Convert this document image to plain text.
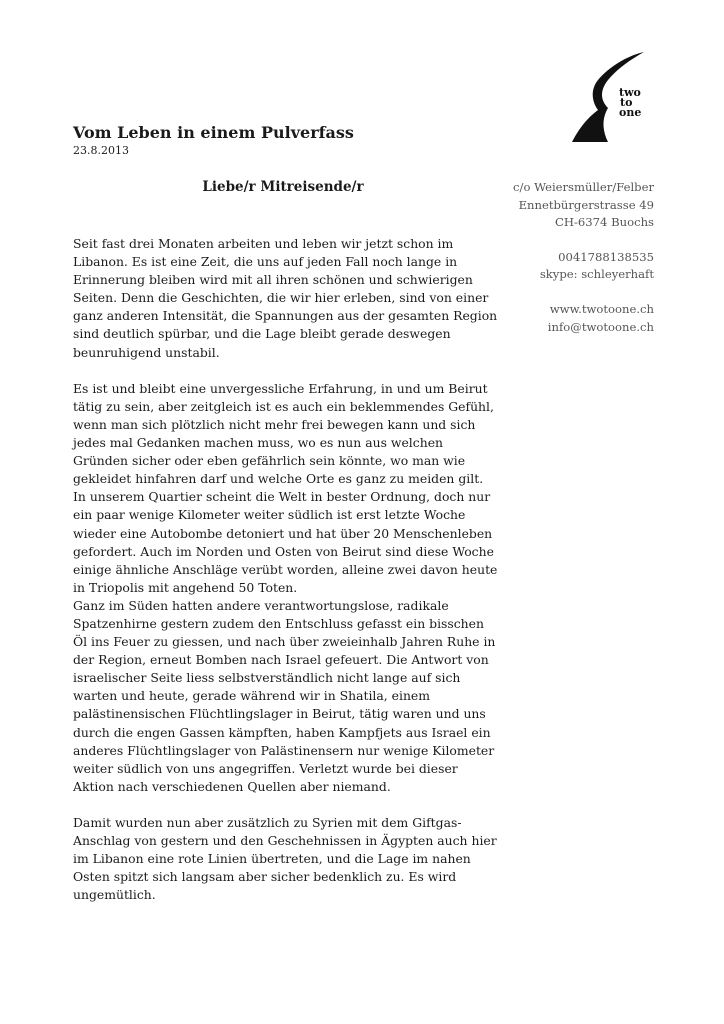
two
to
one
Vom Leben in einem Pulverfass
23.8.2013
Liebe/r Mitreisende/r	c/o Weiersmüller/Felber
Ennetbürgerstrasse 49
CH-6374 Buochs
0041788138535
skype: schleyerhaft
www.twotoone.ch
info@twotoone.ch

Seit fast drei Monaten arbeiten und leben wir jetzt schon im Libanon. Es ist eine Zeit, die uns auf jeden Fall noch lange in Erinnerung bleiben wird mit all ihren schönen und schwierigen Seiten. Denn die Geschichten, die wir hier erleben, sind von einer ganz anderen Intensität, die Spannungen aus der gesamten Region sind deutlich spürbar, und die Lage bleibt gerade deswegen beunruhigend unstabil.

Es ist und bleibt eine unvergessliche Erfahrung, in und um Beirut tätig zu sein, aber zeitgleich ist es auch ein beklemmendes Gefühl, wenn man sich plötzlich nicht mehr frei bewegen kann und sich jedes mal Gedanken machen muss, wo es nun aus welchen Gründen sicher oder eben gefährlich sein könnte, wo man wie gekleidet hinfahren darf und welche Orte es ganz zu meiden gilt.

In unserem Quartier scheint die Welt in bester Ordnung, doch nur ein paar wenige Kilometer weiter südlich ist erst letzte Woche wieder eine Autobombe detoniert und hat über 20 Menschenleben gefordert. Auch im Norden und Osten von Beirut sind diese Woche einige ähnliche Anschläge verübt worden, alleine zwei davon heute in Triopolis mit angehend 50 Toten.

Ganz im Süden hatten andere verantwortungslose, radikale Spatzenhirne gestern zudem den Entschluss gefasst ein bisschen Öl ins Feuer zu giessen, und nach über zweieinhalb Jahren Ruhe in der Region, erneut Bomben nach Israel gefeuert. Die Antwort von israelischer Seite liess selbstverständlich nicht lange auf sich warten und heute, gerade während wir in Shatila, einem palästinensischen Flüchtlingslager in Beirut, tätig waren und uns durch die engen Gassen kämpften, haben Kampfjets aus Israel ein anderes Flüchtlingslager von Palästinensern nur wenige Kilometer weiter südlich von uns angegriffen. Verletzt wurde bei dieser Aktion nach verschiedenen Quellen aber niemand.

Damit wurden nun aber zusätzlich zu Syrien mit dem Giftgas-Anschlag von gestern und den Geschehnissen in Ägypten auch hier im Libanon eine rote Linien übertreten, und die Lage im nahen Osten spitzt sich langsam aber sicher bedenklich zu. Es wird ungemütlich.
